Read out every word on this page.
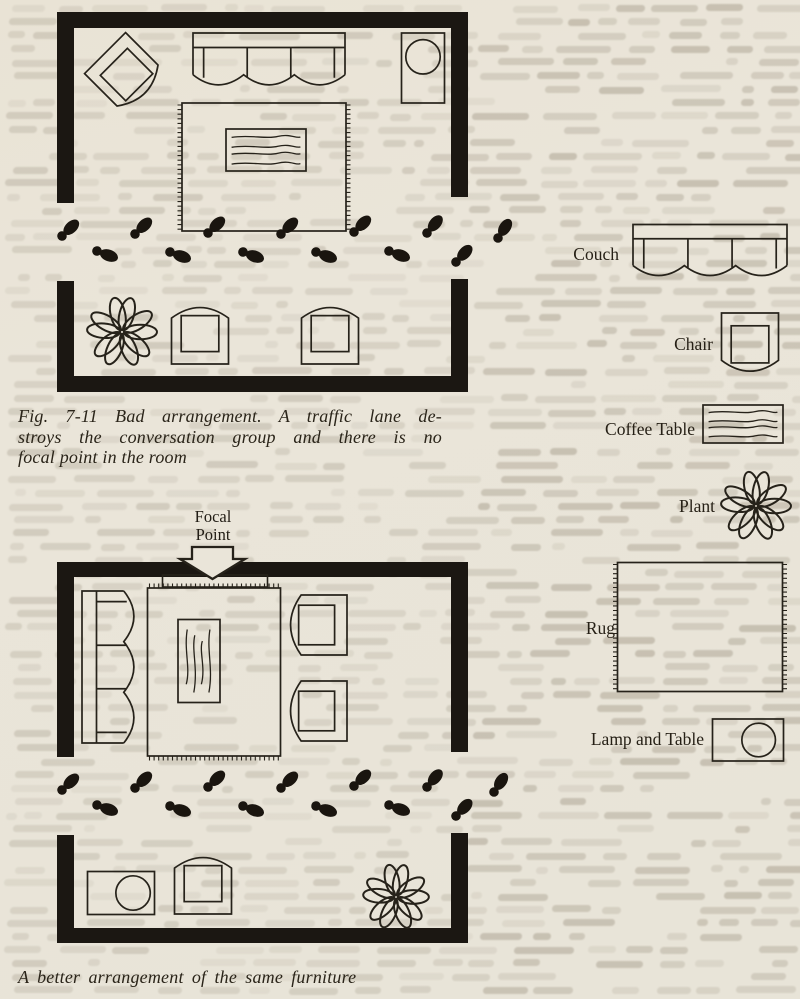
Fig. 7-11 Bad arrangement. A traffic lane de-
stroys the conversation group and there is no
focal point in the room
Focal
Point
A better arrangement of the same furniture
Couch
Chair
Coffee Table
Plant
Rug
Lamp and Table
